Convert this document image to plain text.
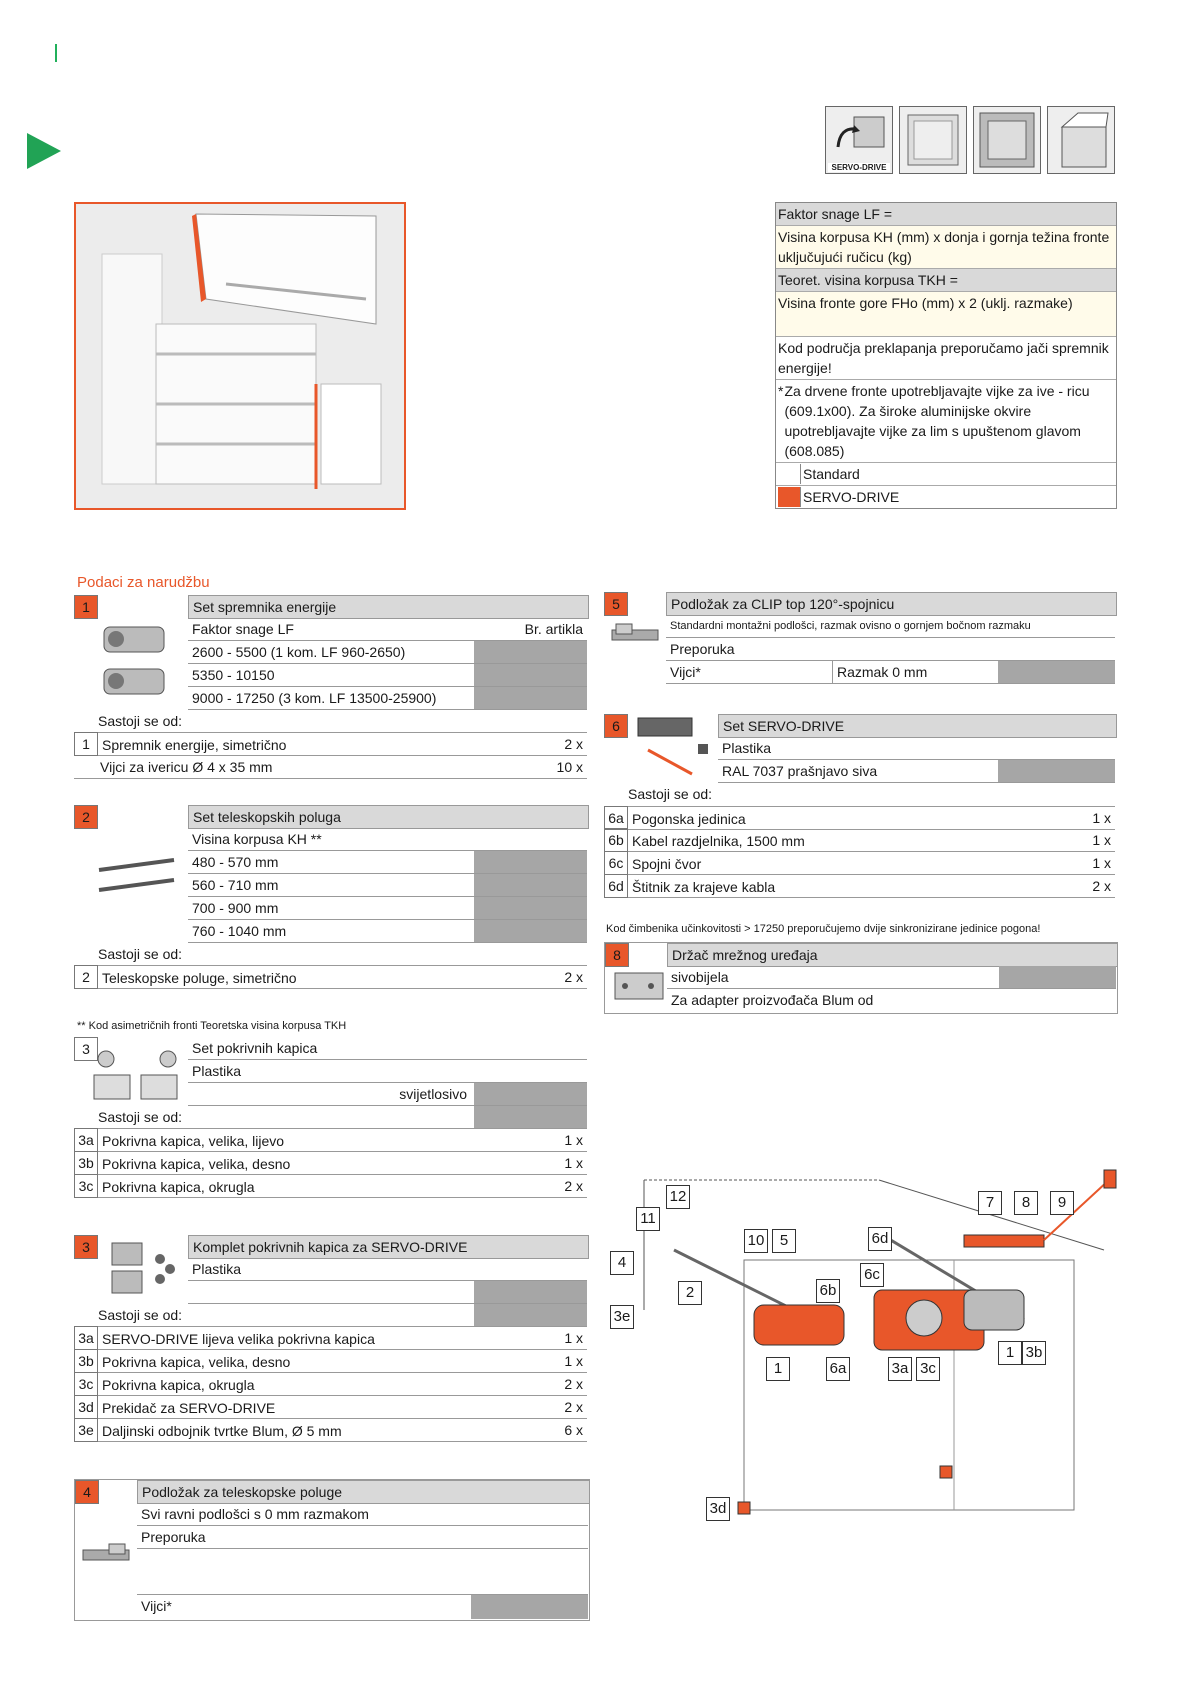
SERVO-DRIVE
Faktor snage LF =
Visina korpusa KH (mm) x donja i gornja težina fronte uključujući ručicu (kg)
Teoret. visina korpusa TKH =
Visina fronte gore FHo (mm) x 2 (uklj. razmake)
Kod područja preklapanja preporučamo jači spremnik energije!
* Za drvene fronte upotrebljavajte vijke za ive - ricu (609.1x00). Za široke aluminijske okvire upotrebljavajte vijke za lim s upuštenom glavom (608.085)
Standard
SERVO-DRIVE
Podaci za narudžbu
1	Set spremnika energije
Faktor snage LF	Br. artikla
2600 - 5500 (1 kom. LF 960-2650)
5350 - 10150
9000 - 17250 (3 kom. LF 13500-25900)
Sastoji se od:
1 Spremnik energije, simetrično	2 x
Vijci za ivericu Ø 4 x 35 mm	10 x
2	Set teleskopskih poluga
Visina korpusa KH **
480 - 570 mm
560 - 710 mm
700 - 900 mm
760 - 1040 mm
Sastoji se od:
2 Teleskopske poluge, simetrično	2 x
** Kod asimetričnih fronti Teoretska visina korpusa TKH
3	Set pokrivnih kapica
Plastika
svijetlosivo
Sastoji se od:
3a Pokrivna kapica, velika, lijevo	1 x
3b Pokrivna kapica, velika, desno	1 x
3c Pokrivna kapica, okrugla	2 x
3	Komplet pokrivnih kapica za SERVO-DRIVE
Plastika
Sastoji se od:
3a SERVO-DRIVE lijeva velika pokrivna kapica	1 x
3b Pokrivna kapica, velika, desno	1 x
3c Pokrivna kapica, okrugla	2 x
3d Prekidač za SERVO-DRIVE	2 x
3e Daljinski odbojnik tvrtke Blum, Ø 5 mm	6 x
4	Podložak za teleskopske poluge
Svi ravni podlošci s 0 mm razmakom
Preporuka
Vijci*
5	Podložak za CLIP top 120°-spojnicu
Standardni montažni podlošci, razmak ovisno o gornjem bočnom razmaku
Preporuka
Vijci*	Razmak 0 mm
6	Set SERVO-DRIVE
Plastika
RAL 7037 prašnjavo siva
Sastoji se od:
6a Pogonska jedinica	1 x
6b Kabel razdjelnika, 1500 mm	1 x
6c Spojni čvor	1 x
6d Štitnik za krajeve kabla	2 x
Kod čimbenika učinkovitosti > 17250 preporučujemo dvije sinkronizirane jedinice pogona!
8	Držač mrežnog uređaja
sivobijela
Za adapter proizvođača Blum od
12
11
4
3e
2
10	5
6b
6c
6d
7	8	9
1	6a	3a 3c
1 3b
3d
